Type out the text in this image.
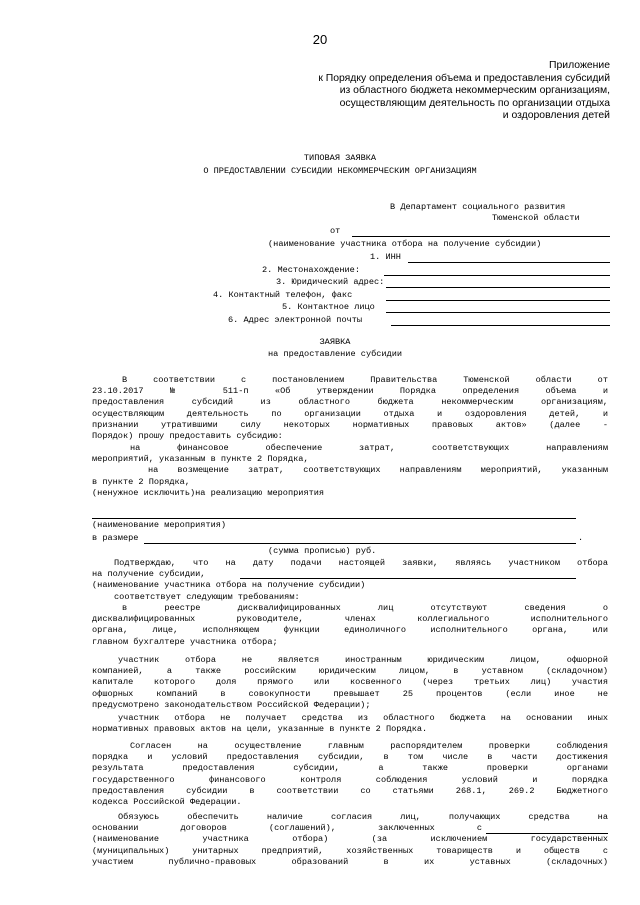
20
Приложение
к Порядку определения объема и предоставления субсидий
из областного бюджета некоммерческим организациям,
осуществляющим деятельность по организации отдыха
и оздоровления детей
ТИПОВАЯ ЗАЯВКА
О ПРЕДОСТАВЛЕНИИ СУБСИДИИ НЕКОММЕРЧЕСКИМ ОРГАНИЗАЦИЯМ
В Департамент социального развития
Тюменской области
от
(наименование участника отбора на получение субсидии)
1. ИНН
2. Местонахождение:
3. Юридический адрес:
4. Контактный телефон, факс
5. Контактное лицо
6. Адрес электронной почты
ЗАЯВКА
на предоставление субсидии
В соответствии с постановлением Правительства Тюменской области от
23.10.2017 № 511-п «Об утверждении Порядка определения объема и
предоставления субсидий из областного бюджета некоммерческим организациям,
осуществляющим деятельность по организации отдыха и оздоровления детей, и
признании утратившими силу некоторых нормативных правовых актов» (далее -
Порядок) прошу предоставить субсидию:
на финансовое обеспечение затрат, соответствующих направлениям
мероприятий, указанным в пункте 2 Порядка,
на возмещение затрат, соответствующих направлениям мероприятий, указанным
в пункте 2 Порядка,
(ненужное исключить)на реализацию мероприятия
(наименование мероприятия)
в размере	.
(сумма прописью) руб.
Подтверждаю, что на дату подачи настоящей заявки, являясь участником отбора
на получение субсидии,
(наименование участника отбора на получение субсидии)
соответствует следующим требованиям:
в реестре дисквалифицированных лиц отсутствуют сведения о
дисквалифицированных руководителе, членах коллегиального исполнительного
органа, лице, исполняющем функции единоличного исполнительного органа, или
главном бухгалтере участника отбора;
участник отбора не является иностранным юридическим лицом, офшорной
компанией, а также российским юридическим лицом, в уставном (складочном)
капитале которого доля прямого или косвенного (через третьих лиц) участия
офшорных компаний в совокупности превышает 25 процентов (если иное не
предусмотрено законодательством Российской Федерации);
участник отбора не получает средства из областного бюджета на основании иных
нормативных правовых актов на цели, указанные в пункте 2 Порядка.
Согласен на осуществление главным распорядителем проверки соблюдения
порядка и условий предоставления субсидии, в том числе в части достижения
результата предоставления субсидии, а также проверки органами
государственного финансового контроля соблюдения условий и порядка
предоставления субсидии в соответствии со статьями 268.1, 269.2 Бюджетного
кодекса Российской Федерации.
Обязуюсь обеспечить наличие согласия лиц, получающих средства на
основании договоров (соглашений), заключенных с
(наименование участника отбора) (за исключением государственных
(муниципальных) унитарных предприятий, хозяйственных товариществ и обществ с
участием публично-правовых образований в их уставных (складочных)
